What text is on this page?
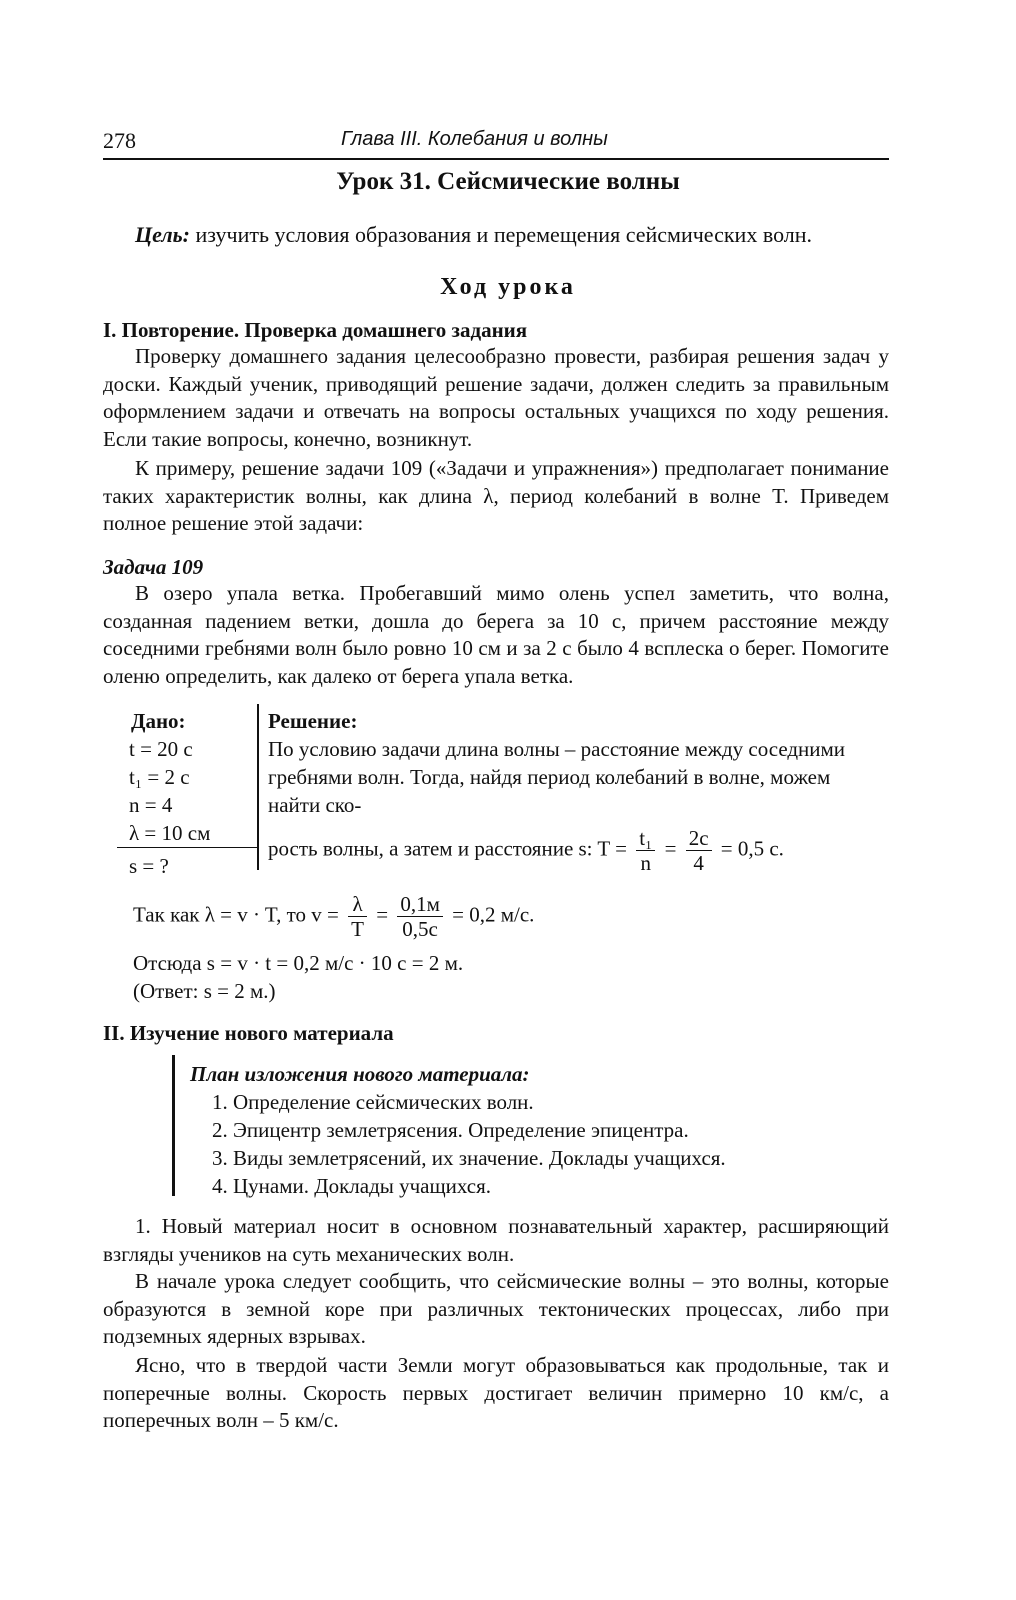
278	Глава III. Колебания и волны
Урок 31. Сейсмические волны
Цель: изучить условия образования и перемещения сейсмических волн.
Ход урока
I. Повторение. Проверка домашнего задания
Проверку домашнего задания целесообразно провести, разбирая решения задач у доски. Каждый ученик, приводящий решение задачи, должен следить за правильным оформлением задачи и отвечать на вопросы остальных учащихся по ходу решения. Если такие вопросы, конечно, возникнут.
К примеру, решение задачи 109 («Задачи и упражнения») предполагает понимание таких характеристик волны, как длина λ, период колебаний в волне T. Приведем полное решение этой задачи:
Задача 109
В озеро упала ветка. Пробегавший мимо олень успел заметить, что волна, созданная падением ветки, дошла до берега за 10 с, причем расстояние между соседними гребнями волн было ровно 10 см и за 2 с было 4 всплеска о берег. Помогите оленю определить, как далеко от берега упала ветка.
Дано:
t = 20 с
t₁ = 2 с
n = 4
λ = 10 см
s = ?
Решение:
По условию задачи длина волны – расстояние между соседними гребнями волн. Тогда, найдя период колебаний в волне, можем найти ско-
рость волны, а затем и расстояние s: $T = \frac{\text{t₁}}{n} = \frac{2с}{4} = 0,5$ с.
Так как λ = v · T, то $v = \frac{\lambda}{T} = \frac{0,1м}{0,5с} = 0,2$ м/с.
Отсюда s = v · t = 0,2 м/с · 10 с = 2 м.
(Ответ: s = 2 м.)
II. Изучение нового материала
План изложения нового материала:
1. Определение сейсмических волн.
2. Эпицентр землетрясения. Определение эпицентра.
3. Виды землетрясений, их значение. Доклады учащихся.
4. Цунами. Доклады учащихся.
1. Новый материал носит в основном познавательный характер, расширяющий взгляды учеников на суть механических волн.
В начале урока следует сообщить, что сейсмические волны – это волны, которые образуются в земной коре при различных тектонических процессах, либо при подземных ядерных взрывах.
Ясно, что в твердой части Земли могут образовываться как продольные, так и поперечные волны. Скорость первых достигает величин примерно 10 км/с, а поперечных волн – 5 км/с.
